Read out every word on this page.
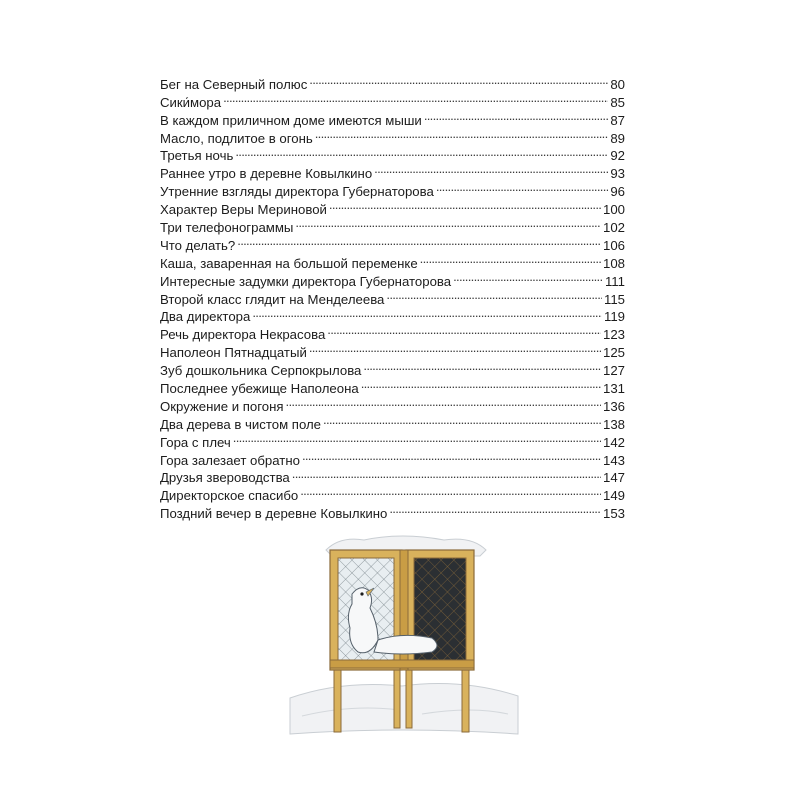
Бег на Северный полюс . . .	80
Сики́мора . . .	85
В каждом приличном доме имеются мыши . . .	87
Масло, подлитое в огонь . . .	89
Третья ночь . . .	92
Раннее утро в деревне Ковылкино . . .	93
Утренние взгляды директора Губернаторова . . .	96
Характер Веры Мериновой . . .	100
Три телефонограммы . . .	102
Что делать? . . .	106
Каша, заваренная на большой переменке . . .	108
Интересные задумки директора Губернаторова . . .	111
Второй класс глядит на Менделеева . . .	115
Два директора . . .	119
Речь директора Некрасова . . .	123
Наполеон Пятнадцатый . . .	125
Зуб дошкольника Серпокрылова . . .	127
Последнее убежище Наполеона . . .	131
Окружение и погоня . . .	136
Два дерева в чистом поле . . .	138
Гора с плеч . . .	142
Гора залезает обратно . . .	143
Друзья звероводства . . .	147
Директорское спасибо . . .	149
Поздний вечер в деревне Ковылкино . . .	153
